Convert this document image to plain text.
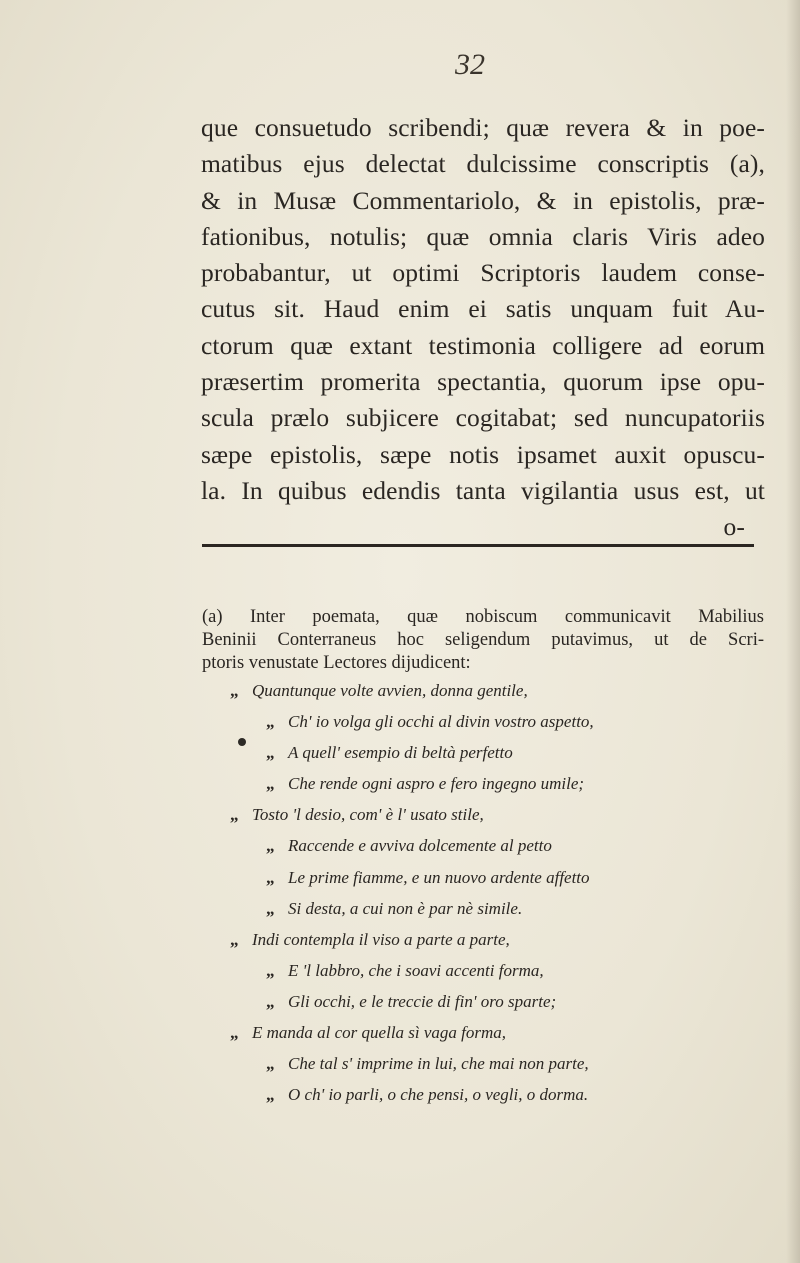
32
que consuetudo scribendi; quæ revera & in poe-
matibus ejus delectat dulcissime conscriptis (a),
& in Musæ Commentariolo, & in epistolis, præ-
fationibus, notulis; quæ omnia claris Viris adeo
probabantur, ut optimi Scriptoris laudem conse-
cutus sit. Haud enim ei satis unquam fuit Au-
ctorum quæ extant testimonia colligere ad eorum
præsertim promerita spectantia, quorum ipse opu-
scula prælo subjicere cogitabat; sed nuncupatoriis
sæpe epistolis, sæpe notis ipsamet auxit opuscu-
la. In quibus edendis tanta vigilantia usus est, ut
o-
(a) Inter poemata, quæ nobiscum communicavit Mabilius
Beninii Conterraneus hoc seligendum putavimus, ut de Scri-
ptoris venustate Lectores dijudicent:
„ Quantunque volte avvien, donna gentile,
„ Ch' io volga gli occhi al divin vostro aspetto,
„ A quell' esempio di beltà perfetto
„ Che rende ogni aspro e fero ingegno umile;
„ Tosto 'l desio, com' è l' usato stile,
„ Raccende e avviva dolcemente al petto
„ Le prime fiamme, e un nuovo ardente affetto
„ Si desta, a cui non è par nè simile.
„ Indi contempla il viso a parte a parte,
„ E 'l labbro, che i soavi accenti forma,
„ Gli occhi, e le treccie di fin' oro sparte;
„ E manda al cor quella sì vaga forma,
„ Che tal s' imprime in lui, che mai non parte,
„ O ch' io parli, o che pensi, o vegli, o dorma.
